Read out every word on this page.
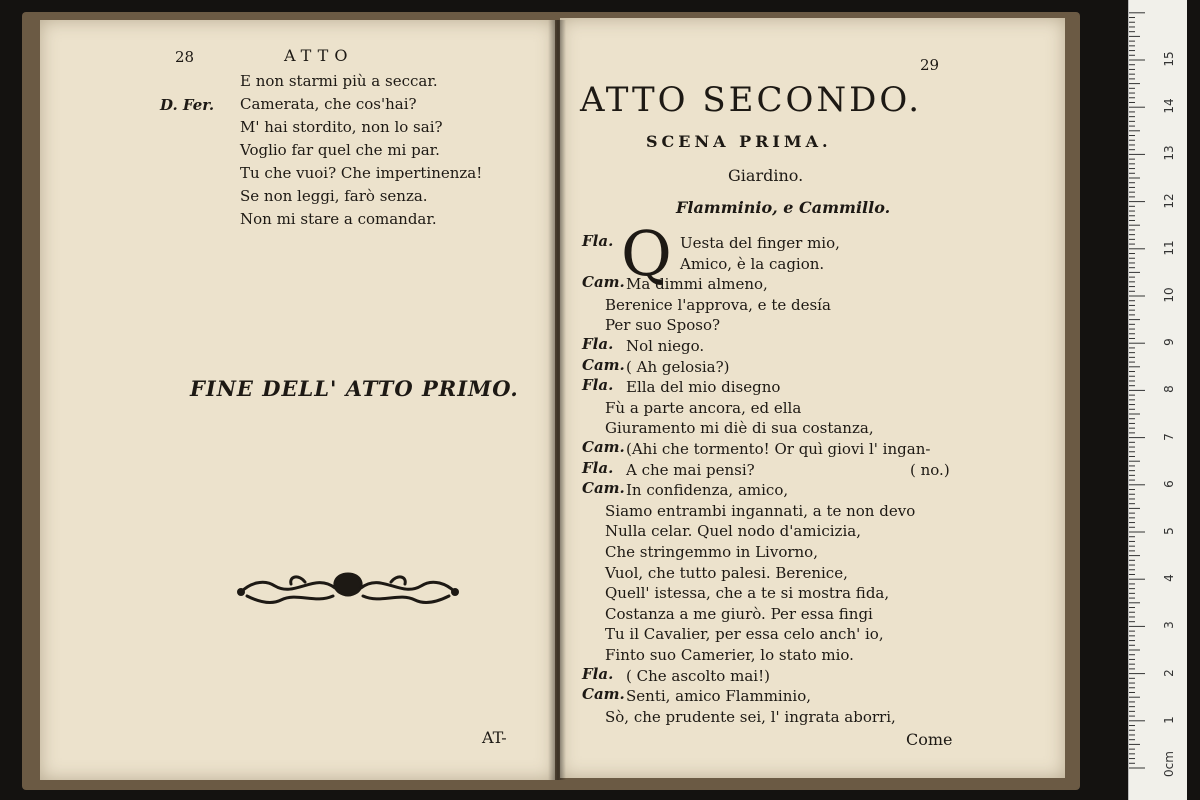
28	ATTO
D. Fer.
E non starmi più a seccar.
Camerata, che cos'hai?
M' hai stordito, non lo sai?
Voglio far quel che mi par.
Tu che vuoi? Che impertinenza!
Se non leggi, farò senza.
Non mi stare a comandar.
FINE DELL' ATTO PRIMO.
AT-
29
ATTO SECONDO.
SCENA PRIMA.
Giardino.
Flamminio, e Cammillo.
Q
Fla.	Uesta del finger mio,
Amico, è la cagion.
Cam. Ma dimmi almeno,
Berenice l'approva, e te desía
Per suo Sposo?
Fla. Nol niego.
Cam. ( Ah gelosia?)
Fla. Ella del mio disegno
Fù a parte ancora, ed ella
Giuramento mi diè di sua costanza,
Cam. (Ahi che tormento! Or quì giovi l' ingan-
Fla. A che mai pensi?	( no.)
Cam. In confidenza, amico,
Siamo entrambi ingannati, a te non devo
Nulla celar. Quel nodo d'amicizia,
Che stringemmo in Livorno,
Vuol, che tutto palesi. Berenice,
Quell' istessa, che a te si mostra fida,
Costanza a me giurò. Per essa fingi
Tu il Cavalier, per essa celo anch' io,
Finto suo Camerier, lo stato mio.
Fla. ( Che ascolto mai!)
Cam. Senti, amico Flamminio,
Sò, che prudente sei, l' ingrata aborri,
Come
0cm
1
2
3
4
5
6
7
8
9
10
11
12
13
14
15
